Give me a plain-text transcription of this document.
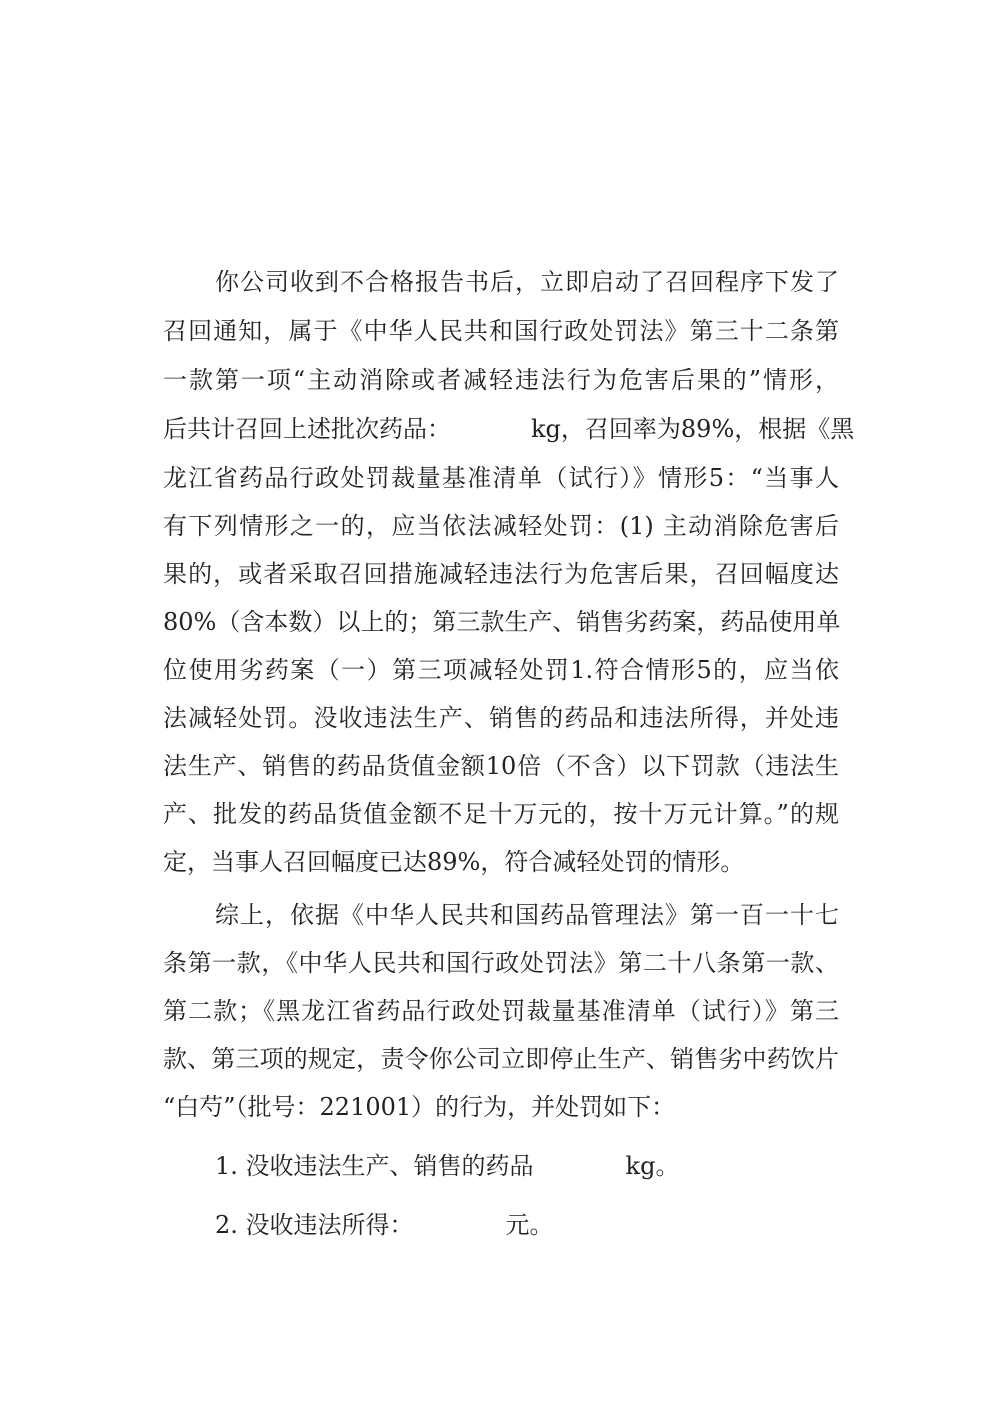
你公司收到不合格报告书后，立即启动了召回程序下发了
召回通知，属于《中华人民共和国行政处罚法》第三十二条第
一款第一项“主动消除或者减轻违法行为危害后果的”情形，
后共计召回上述批次药品：	kg，召回率为89%，根据《黑
龙江省药品行政处罚裁量基准清单（试行）》情形5：“当事人
有下列情形之一的，应当依法减轻处罚：(1) 主动消除危害后
果的，或者采取召回措施减轻违法行为危害后果，召回幅度达
80%（含本数）以上的；第三款生产、销售劣药案，药品使用单
位使用劣药案（一）第三项减轻处罚1.符合情形5的，应当依
法减轻处罚。没收违法生产、销售的药品和违法所得，并处违
法生产、销售的药品货值金额10倍（不含）以下罚款（违法生
产、批发的药品货值金额不足十万元的，按十万元计算。”的规
定，当事人召回幅度已达89%，符合减轻处罚的情形。
综上，依据《中华人民共和国药品管理法》第一百一十七
条第一款，《中华人民共和国行政处罚法》第二十八条第一款、
第二款；《黑龙江省药品行政处罚裁量基准清单（试行）》第三
款、第三项的规定，责令你公司立即停止生产、销售劣中药饮片
“白芍”（批号：221001）的行为，并处罚如下：
1. 没收违法生产、销售的药品	kg。
2. 没收违法所得：	元。
